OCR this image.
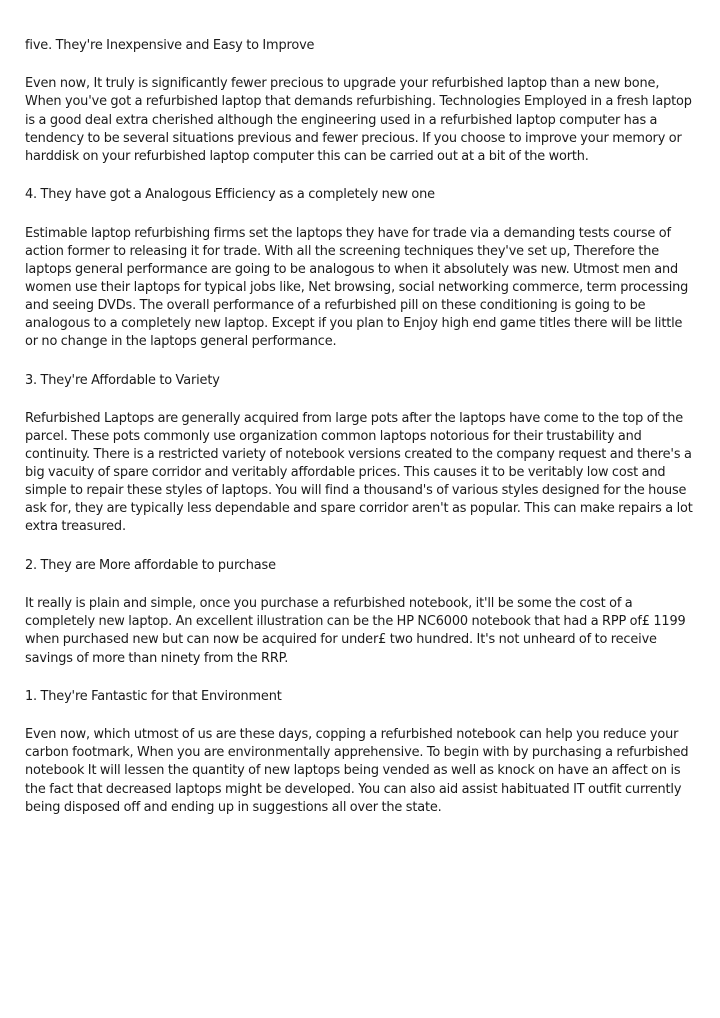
five. They're Inexpensive and Easy to Improve

Even now, It truly is significantly fewer precious to upgrade your refurbished laptop than a new bone, When you've got a refurbished laptop that demands refurbishing. Technologies Employed in a fresh laptop is a good deal extra cherished although the engineering used in a refurbished laptop computer has a tendency to be several situations previous and fewer precious. If you choose to improve your memory or harddisk on your refurbished laptop computer this can be carried out at a bit of the worth.

4. They have got a Analogous Efficiency as a completely new one

Estimable laptop refurbishing firms set the laptops they have for trade via a demanding tests course of action former to releasing it for trade. With all the screening techniques they've set up, Therefore the laptops general performance are going to be analogous to when it absolutely was new. Utmost men and women use their laptops for typical jobs like, Net browsing, social networking commerce, term processing and seeing DVDs. The overall performance of a refurbished pill on these conditioning is going to be analogous to a completely new laptop. Except if you plan to Enjoy high end game titles there will be little or no change in the laptops general performance.

3. They're Affordable to Variety

Refurbished Laptops are generally acquired from large pots after the laptops have come to the top of the parcel. These pots commonly use organization common laptops notorious for their trustability and continuity. There is a restricted variety of notebook versions created to the company request and there's a big vacuity of spare corridor and veritably affordable prices. This causes it to be veritably low cost and simple to repair these styles of laptops. You will find a thousand's of various styles designed for the house ask for, they are typically less dependable and spare corridor aren't as popular. This can make repairs a lot extra treasured.

2. They are More affordable to purchase

It really is plain and simple, once you purchase a refurbished notebook, it'll be some the cost of a completely new laptop. An excellent illustration can be the HP NC6000 notebook that had a RPP of£ 1199 when purchased new but can now be acquired for under£ two hundred. It's not unheard of to receive savings of more than ninety from the RRP.

1. They're Fantastic for that Environment

Even now, which utmost of us are these days, copping a refurbished notebook can help you reduce your carbon footmark, When you are environmentally apprehensive. To begin with by purchasing a refurbished notebook It will lessen the quantity of new laptops being vended as well as knock on have an affect on is the fact that decreased laptops might be developed. You can also aid assist habituated IT outfit currently being disposed off and ending up in suggestions all over the state.
